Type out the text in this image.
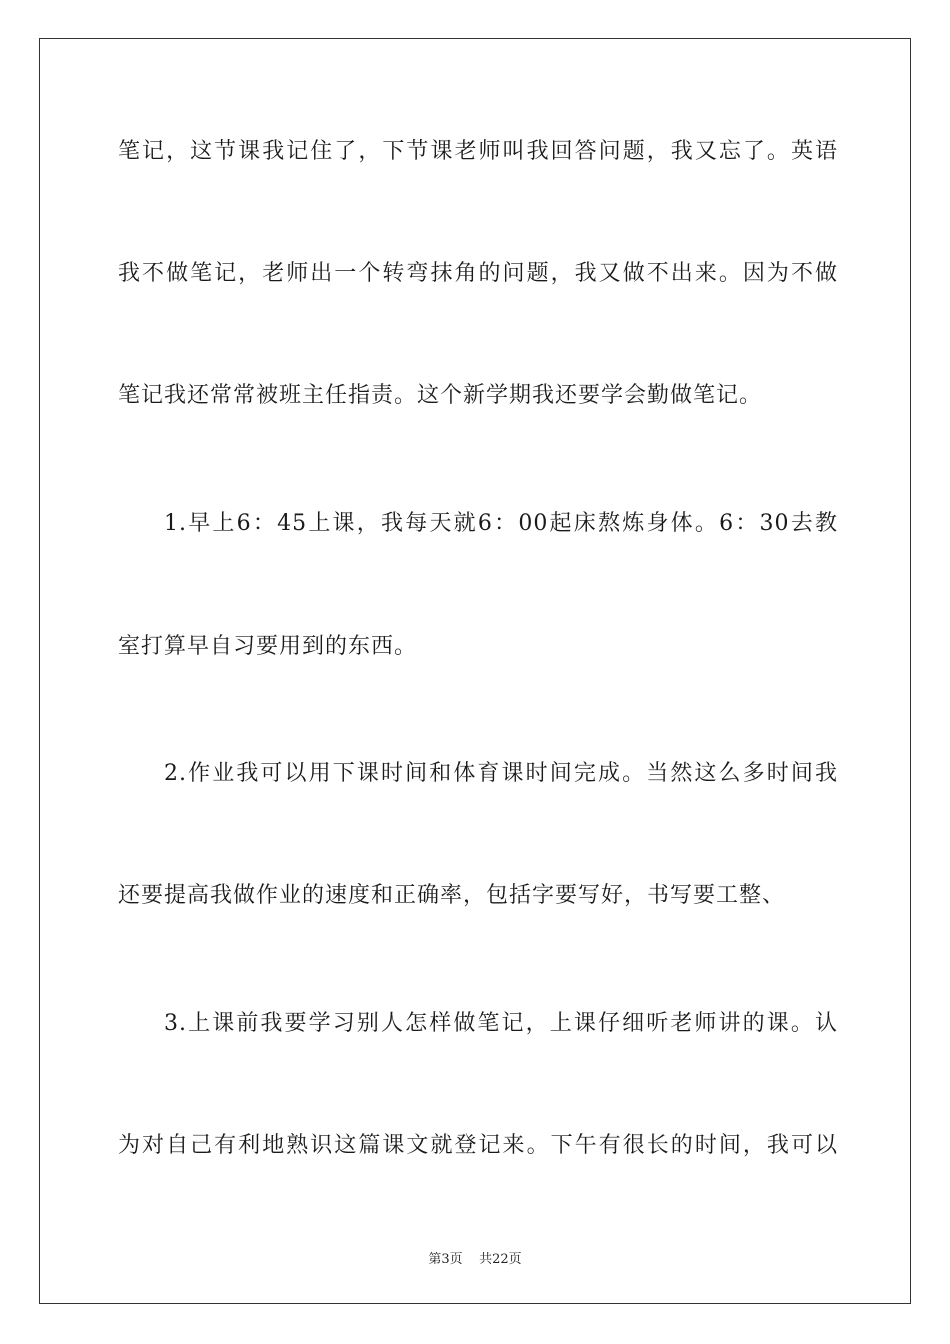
笔记，这节课我记住了，下节课老师叫我回答问题，我又忘了。英语
我不做笔记，老师出一个转弯抹角的问题，我又做不出来。因为不做
笔记我还常常被班主任指责。这个新学期我还要学会勤做笔记。
1.早上6：45上课，我每天就6：00起床熬炼身体。6：30去教
室打算早自习要用到的东西。
2.作业我可以用下课时间和体育课时间完成。当然这么多时间我
还要提高我做作业的速度和正确率，包括字要写好，书写要工整、
3.上课前我要学习别人怎样做笔记，上课仔细听老师讲的课。认
为对自己有利地熟识这篇课文就登记来。下午有很长的时间，我可以
第3页 共22页
